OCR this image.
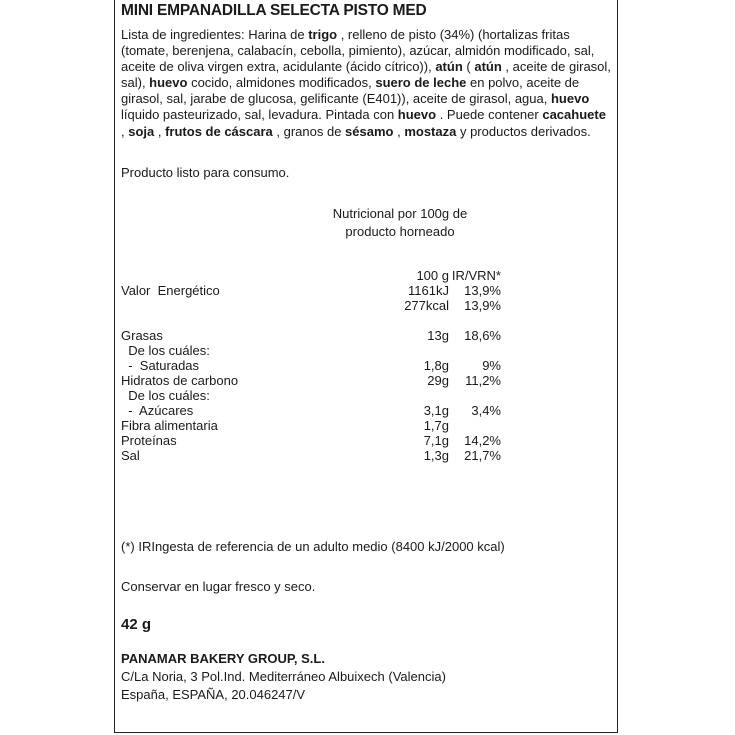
MINI EMPANADILLA SELECTA PISTO MED
Lista de ingredientes: Harina de trigo , relleno de pisto (34%) (hortalizas fritas (tomate, berenjena, calabacín, cebolla, pimiento), azúcar, almidón modificado, sal, aceite de oliva virgen extra, acidulante (ácido cítrico)), atún ( atún , aceite de girasol, sal), huevo cocido, almidones modificados, suero de leche en polvo, aceite de girasol, sal, jarabe de glucosa, gelificante (E401)), aceite de girasol, agua, huevo líquido pasteurizado, sal, levadura. Pintada con huevo . Puede contener cacahuete , soja , frutos de cáscara , granos de sésamo , mostaza y productos derivados.
Producto listo para consumo.
Nutricional por 100g de
producto horneado
100 g IR/VRN*
Valor  Energético	1161kJ 13,9%
277kcal 13,9%
Grasas	13g 18,6%
De los cuáles:
-  Saturadas	1,8g	9%
Hidratos de carbono	29g 11,2%
De los cuáles:
-  Azúcares	3,1g 3,4%
Fibra alimentaria	1,7g
Proteínas	7,1g 14,2%
Sal	1,3g 21,7%
(*) IRIngesta de referencia de un adulto medio (8400 kJ/2000 kcal)
Conservar en lugar fresco y seco.
42 g
PANAMAR BAKERY GROUP, S.L.
C/La Noria, 3 Pol.Ind. Mediterráneo Albuixech (Valencia)
España, ESPAÑA, 20.046247/V
